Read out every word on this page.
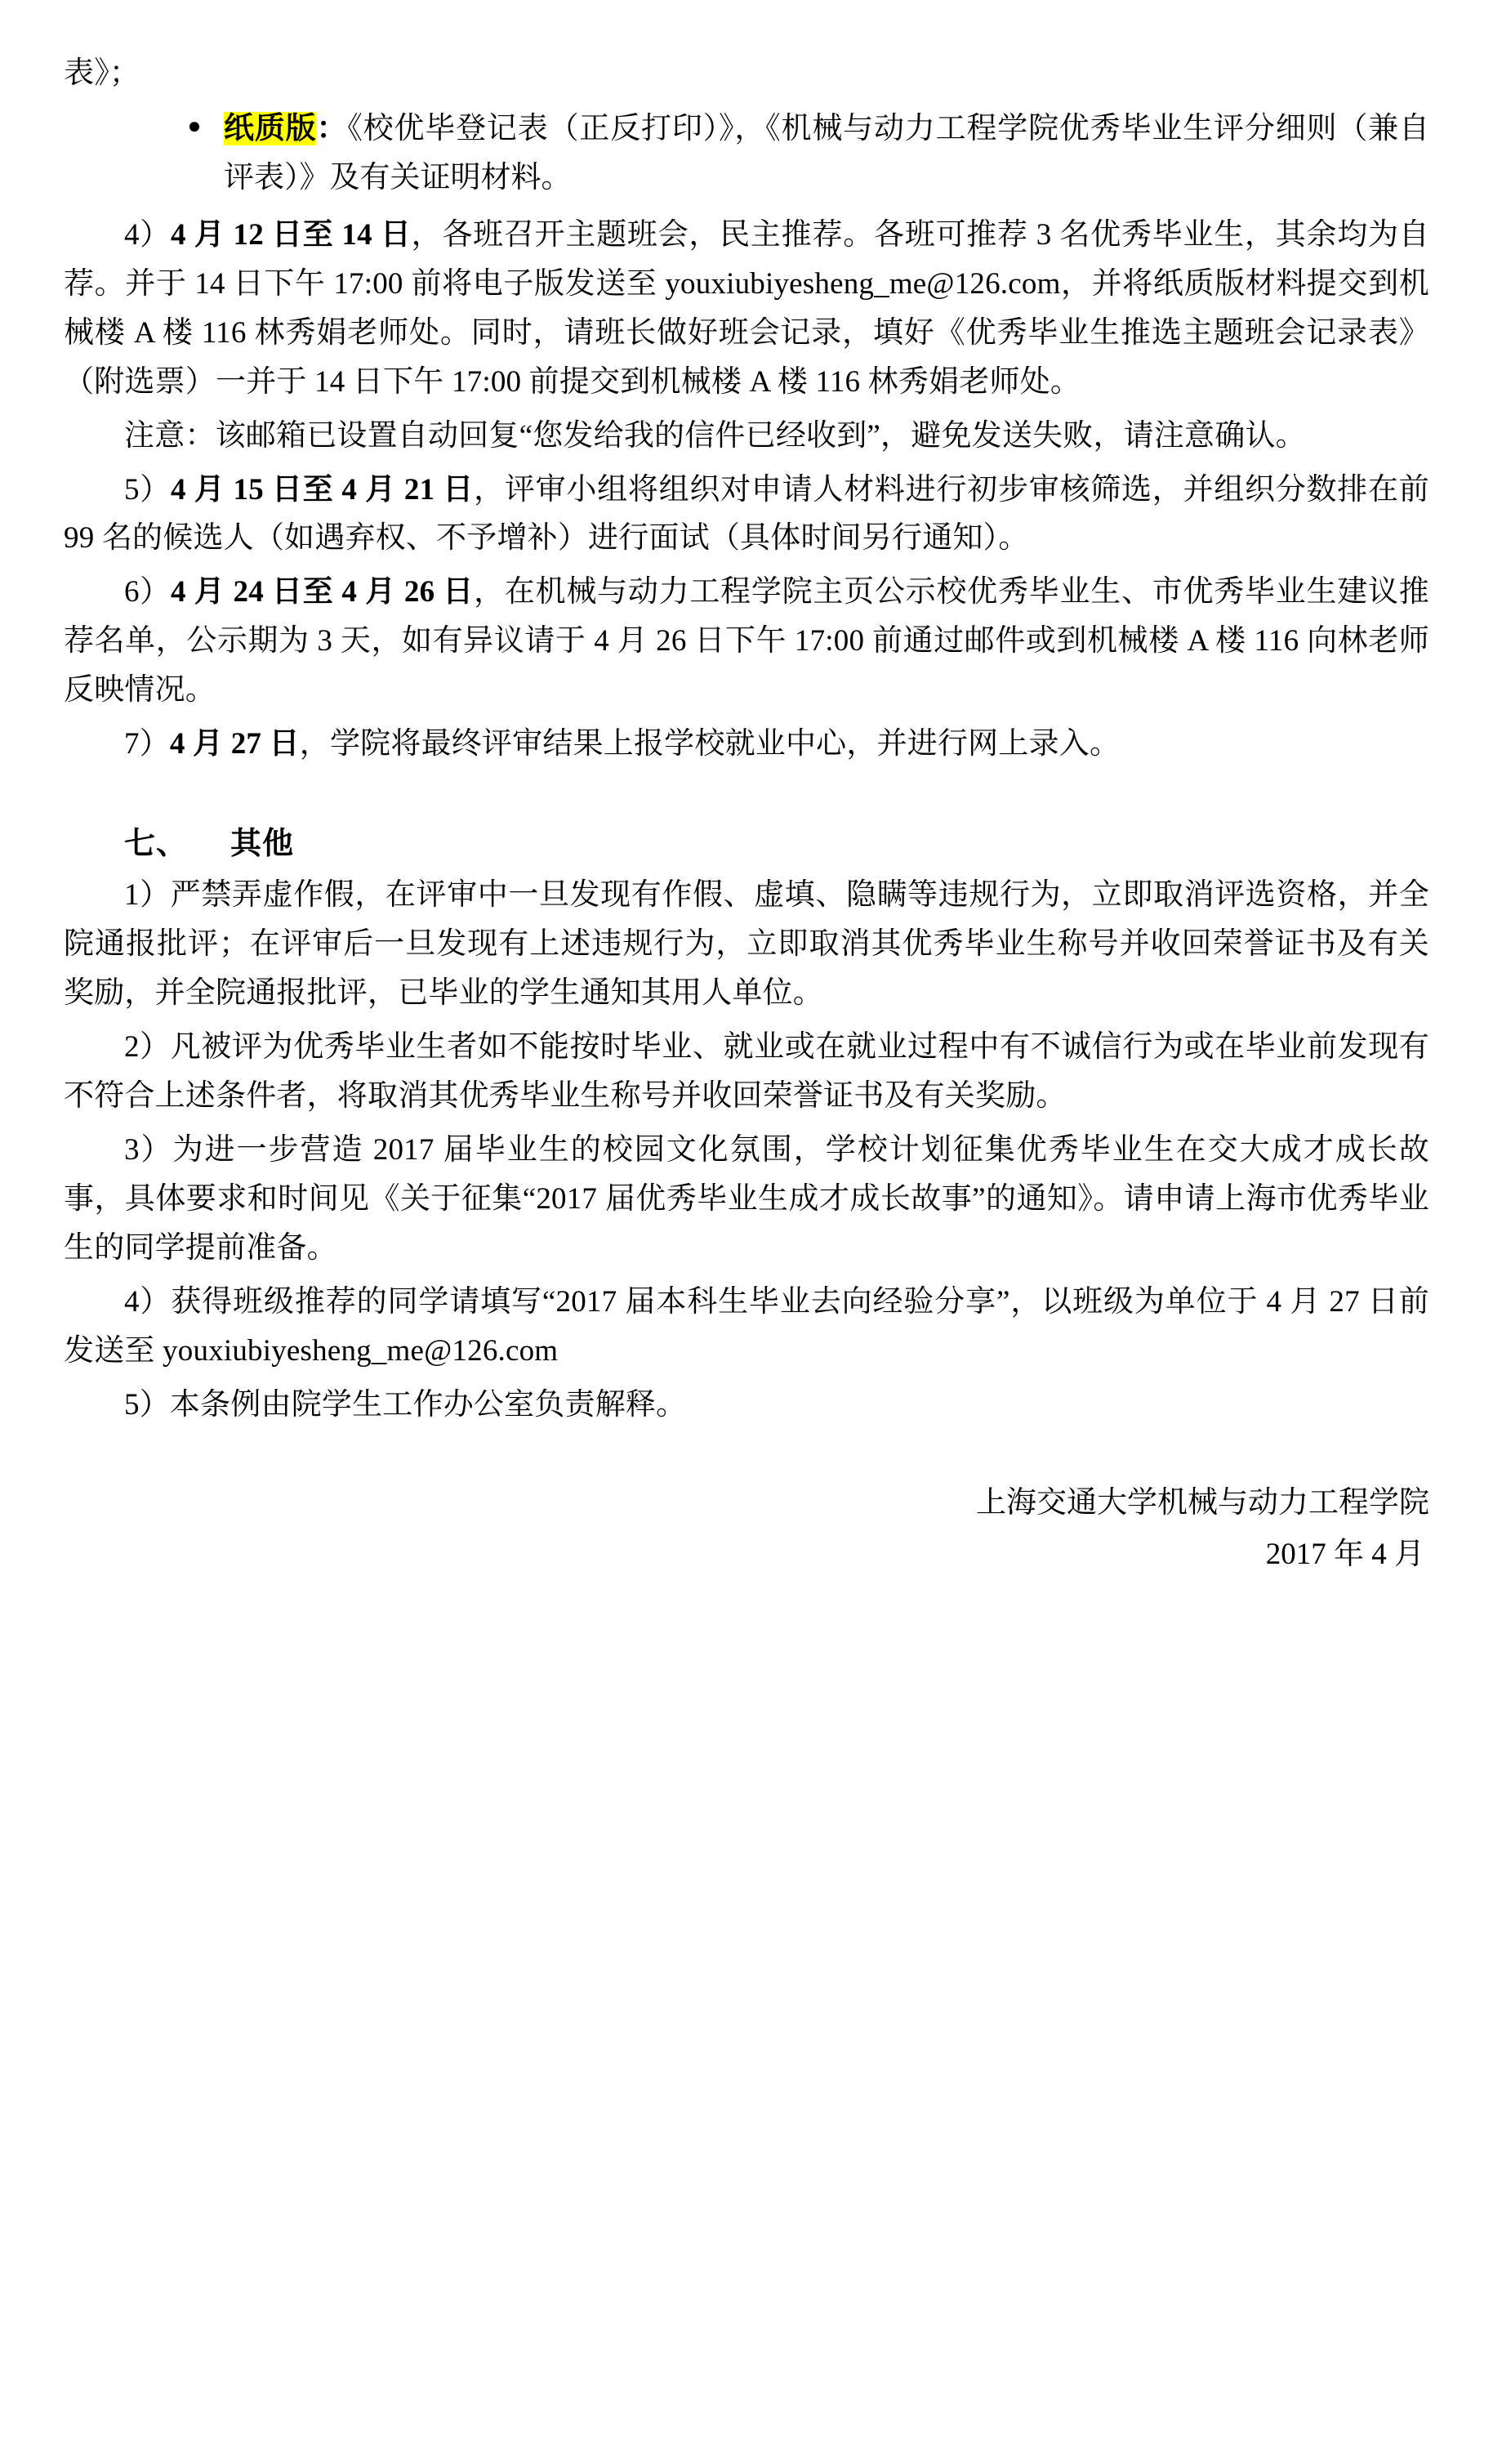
表》；

● 纸质版：《校优毕登记表（正反打印）》，《机械与动力工程学院优秀毕业生评分细则（兼自评表）》及有关证明材料。

4）4 月 12 日至 14 日，各班召开主题班会，民主推荐。各班可推荐 3 名优秀毕业生，其余均为自荐。并于 14 日下午 17:00 前将电子版发送至 youxiubiyesheng_me@126.com，并将纸质版材料提交到机械楼 A 楼 116 林秀娟老师处。同时，请班长做好班会记录，填好《优秀毕业生推选主题班会记录表》（附选票）一并于 14 日下午 17:00 前提交到机械楼 A 楼 116 林秀娟老师处。

注意：该邮箱已设置自动回复“您发给我的信件已经收到”，避免发送失败，请注意确认。

5）4 月 15 日至 4 月 21 日，评审小组将组织对申请人材料进行初步审核筛选，并组织分数排在前 99 名的候选人（如遇弃权、不予增补）进行面试（具体时间另行通知）。

6）4 月 24 日至 4 月 26 日，在机械与动力工程学院主页公示校优秀毕业生、市优秀毕业生建议推荐名单，公示期为 3 天，如有异议请于 4 月 26 日下午 17:00 前通过邮件或到机械楼 A 楼 116 向林老师反映情况。

7）4 月 27 日，学院将最终评审结果上报学校就业中心，并进行网上录入。

七、 其他

1）严禁弄虚作假，在评审中一旦发现有作假、虚填、隐瞒等违规行为，立即取消评选资格，并全院通报批评；在评审后一旦发现有上述违规行为，立即取消其优秀毕业生称号并收回荣誉证书及有关奖励，并全院通报批评，已毕业的学生通知其用人单位。

2）凡被评为优秀毕业生者如不能按时毕业、就业或在就业过程中有不诚信行为或在毕业前发现有不符合上述条件者，将取消其优秀毕业生称号并收回荣誉证书及有关奖励。

3）为进一步营造 2017 届毕业生的校园文化氛围，学校计划征集优秀毕业生在交大成才成长故事，具体要求和时间见《关于征集“2017 届优秀毕业生成才成长故事”的通知》。请申请上海市优秀毕业生的同学提前准备。

4）获得班级推荐的同学请填写“2017 届本科生毕业去向经验分享”，以班级为单位于 4 月 27 日前发送至 youxiubiyesheng_me@126.com

5）本条例由院学生工作办公室负责解释。

上海交通大学机械与动力工程学院
2017 年 4 月
